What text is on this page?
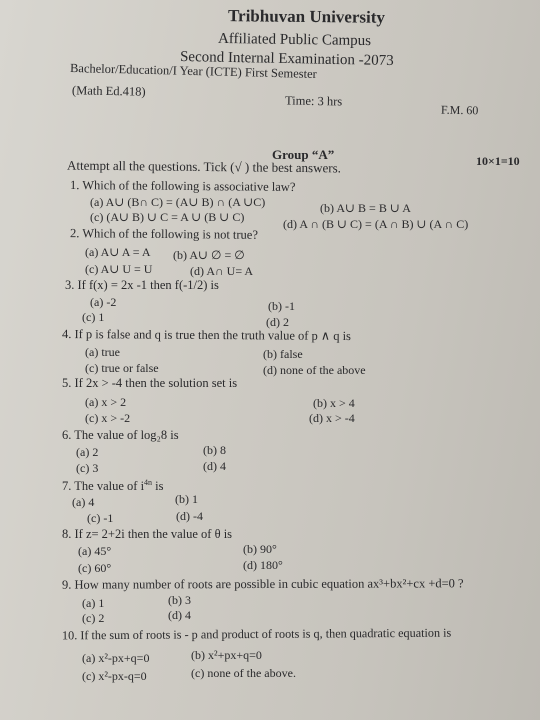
Tribhuvan University
Affiliated Public Campus
Second Internal Examination -2073
Bachelor/Education/I Year (ICTE) First Semester
(Math Ed.418)
Time: 3 hrs
F.M. 60
Group “A”	10×1=10
Attempt all the questions. Tick (√ ) the best answers.
1. Which of the following is associative law?
(a) A∪ (B∩ C) = (A∪ B) ∩ (A ∪C)	(b) A∪ B = B ∪ A
(c) (A∪ B) ∪ C = A ∪ (B ∪ C)	(d) A ∩ (B ∪ C) = (A ∩ B) ∪ (A ∩ C)
2. Which of the following is not true?
(a) A∪ A = A (b) A∪ ∅ = ∅
(c) A∪ U = U	(d) A∩ U= A
3. If f(x) = 2x -1 then f(-1/2) is
(a) -2	(b) -1
(c) 1	(d) 2
4. If p is false and q is true then the truth value of p ∧ q is
(a) true	(b) false
(c) true or false	(d) none of the above
5. If 2x > -4 then the solution set is
(a) x > 2	(b) x > 4
(c) x > -2	(d) x > -4
6. The value of log₂8 is
(a) 2	(b) 8
(c) 3	(d) 4
7. The value of $i^{4n}$ is
(a) 4	(b) 1
(c) -1	(d) -4
8. If z= 2+2i then the value of θ is
(a) 45°	(b) 90°
(c) 60°	(d) 180°
9. How many number of roots are possible in cubic equation ax³+bx²+cx +d=0 ?
(a) 1	(b) 3
(c) 2	(d) 4
10. If the sum of roots is - p and product of roots is q, then quadratic equation is
(a) x²-px+q=0	(b) x²+px+q=0
(c) x²-px-q=0	(c) none of the above.
